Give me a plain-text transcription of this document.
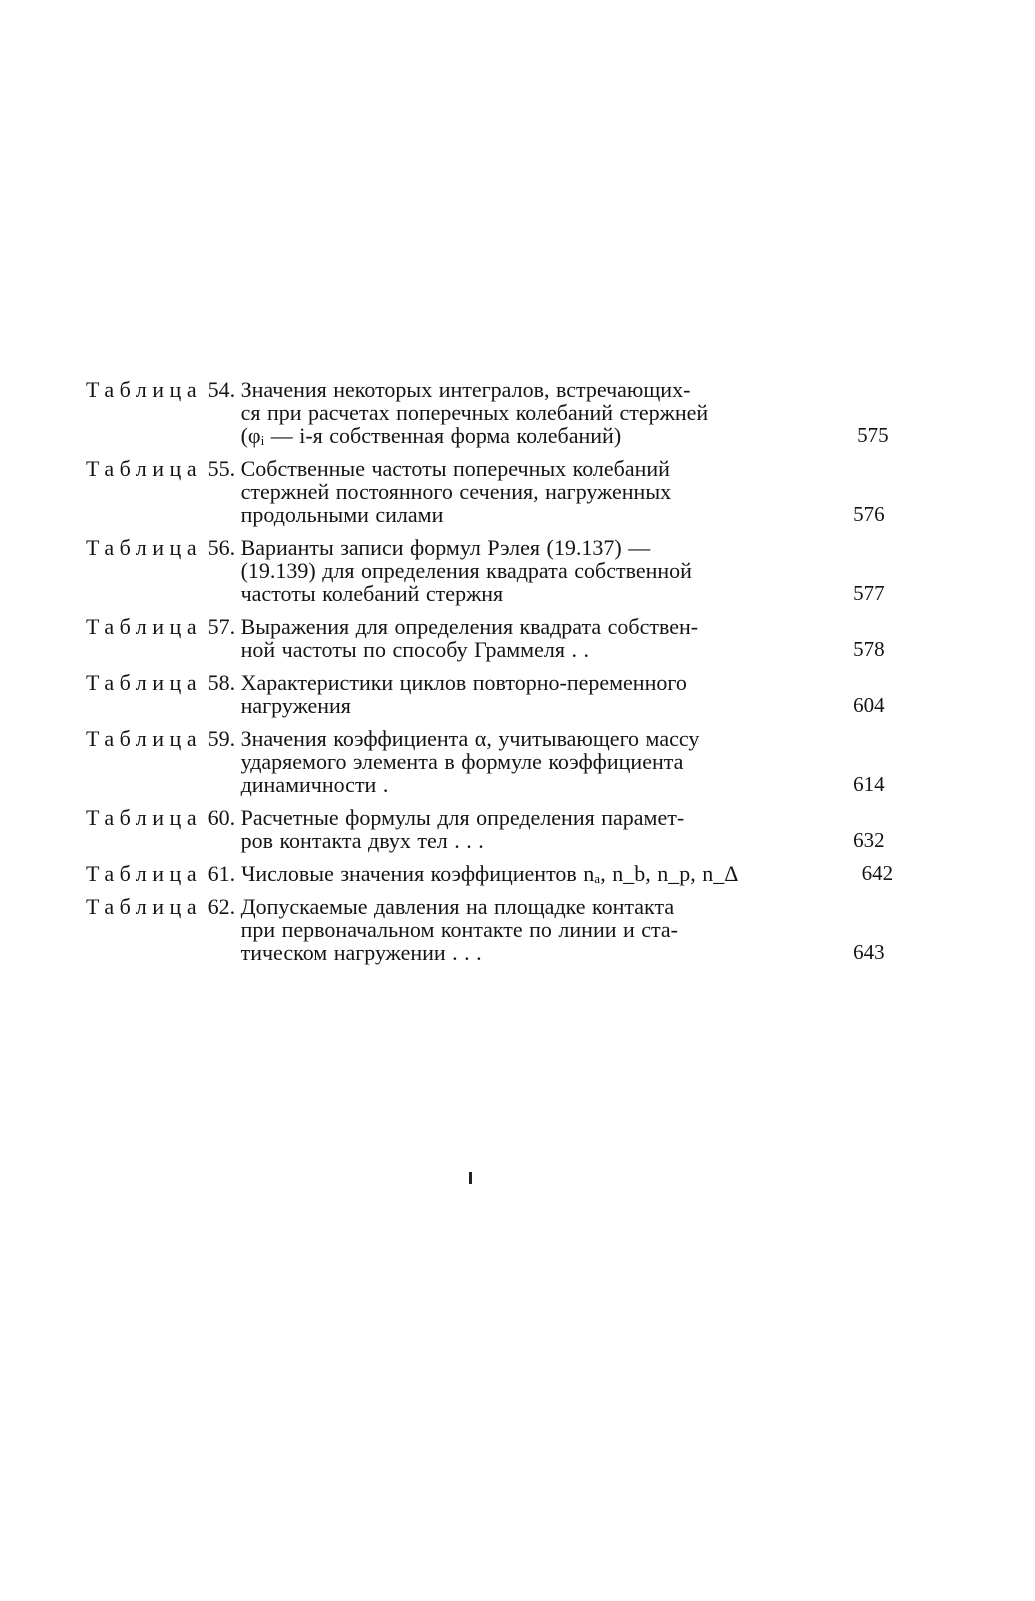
Таблица 54. Значения некоторых интегралов, встречающих-
ся при расчетах поперечных колебаний стержней
(φᵢ — i-я собственная форма колебаний)	575
Таблица 55. Собственные частоты поперечных колебаний
стержней постоянного сечения, нагруженных
продольными силами	576
Таблица 56. Варианты записи формул Рэлея (19.137) —
(19.139) для определения квадрата собственной
частоты колебаний стержня	577
Таблица 57. Выражения для определения квадрата собствен-
ной частоты по способу Граммеля . .	578
Таблица 58. Характеристики циклов повторно-переменного
нагружения	604
Таблица 59. Значения коэффициента α, учитывающего массу
ударяемого элемента в формуле коэффициента
динамичности .	614
Таблица 60. Расчетные формулы для определения парамет-
ров контакта двух тел . . .	632
Таблица 61. Числовые значения коэффициентов nₐ, n_b, n_p, n_Δ	642
Таблица 62. Допускаемые давления на площадке контакта
при первоначальном контакте по линии и ста-
тическом нагружении . . .	643
